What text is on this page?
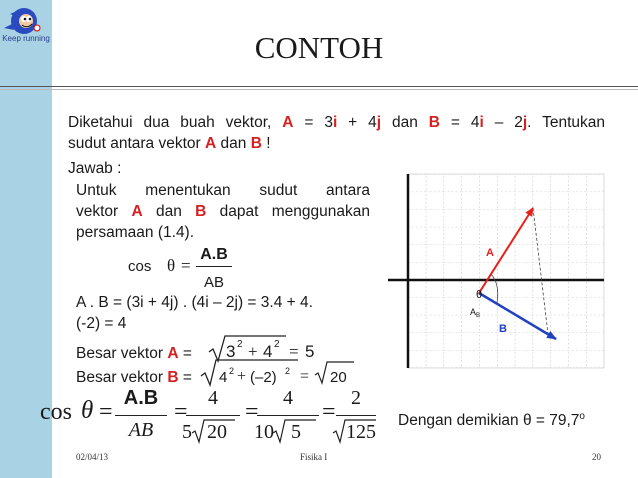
Keep running	CONTOH
Diketahui dua buah vektor, A = 3i + 4j dan B = 4i – 2j. Tentukan
sudut antara vektor A dan B !
Jawab :
Untuk menentukan sudut antara
vektor A dan B dapat menggunakan
persamaan (1.4).
cos θ =
A.B
AB
A . B = (3i + 4j) . (4i – 2j) = 3.4 + 4.
(-2) = 4
Besar vektor A = 3 2 + 4 2 = 5
Besar vektor B = 4 2 + (–2) 2 = 20
cos θ =
A.B
AB
=
4
5 20
=
4
10 5
=
2
125
Dengan demikian $\theta = 79,7^o$
A
B
θ
$A_B$
02/04/13	Fisika I	20
